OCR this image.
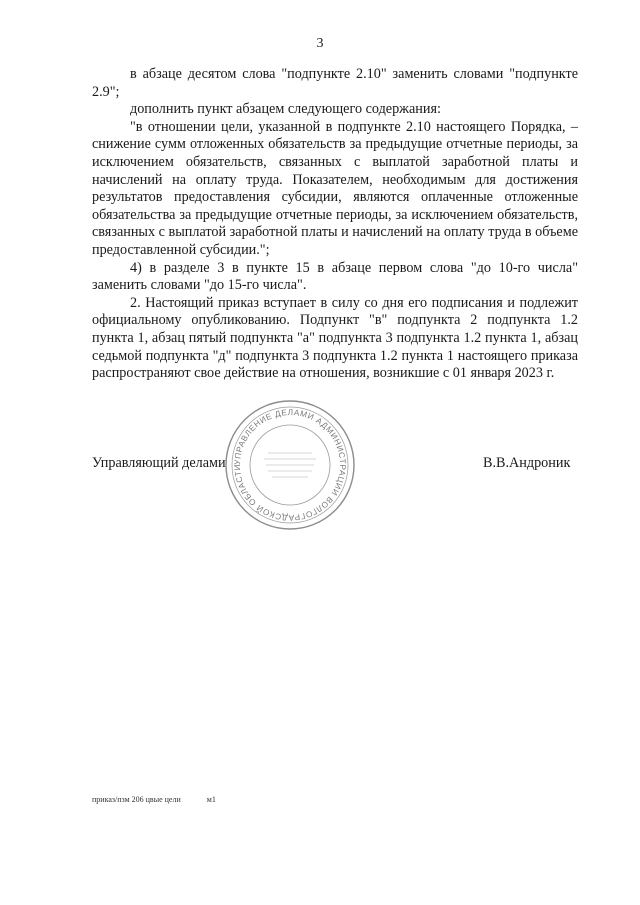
3

в абзаце десятом слова "подпункте 2.10" заменить словами "подпункте 2.9";

дополнить пункт абзацем следующего содержания:

"в отношении цели, указанной в подпункте 2.10 настоящего Порядка, – снижение сумм отложенных обязательств за предыдущие отчетные периоды, за исключением обязательств, связанных с выплатой заработной платы и начислений на оплату труда. Показателем, необходимым для достижения результатов предоставления субсидии, являются оплаченные отложенные обязательства за предыдущие отчетные периоды, за исключением обязательств, связанных с выплатой заработной платы и начислений на оплату труда в объеме предоставленной субсидии.";

4) в разделе 3 в пункте 15 в абзаце первом слова "до 10-го числа" заменить словами "до 15-го числа".

2. Настоящий приказ вступает в силу со дня его подписания и подлежит официальному опубликованию. Подпункт "в" подпункта 2 подпункта 1.2 пункта 1, абзац пятый подпункта "а" подпункта 3 подпункта 1.2 пункта 1, абзац седьмой подпункта "д" подпункта 3 подпункта 1.2 пункта 1 настоящего приказа распространяют свое действие на отношения, возникшие с 01 января 2023 г.

УПРАВЛЕНИЕ ДЕЛАМИ АДМИНИСТРАЦИИ ВОЛГОГРАДСКОЙ ОБЛАСТИ
Управляющий делами	В.В.Андроник
приказ/пзм 206 цвые цели	м1
